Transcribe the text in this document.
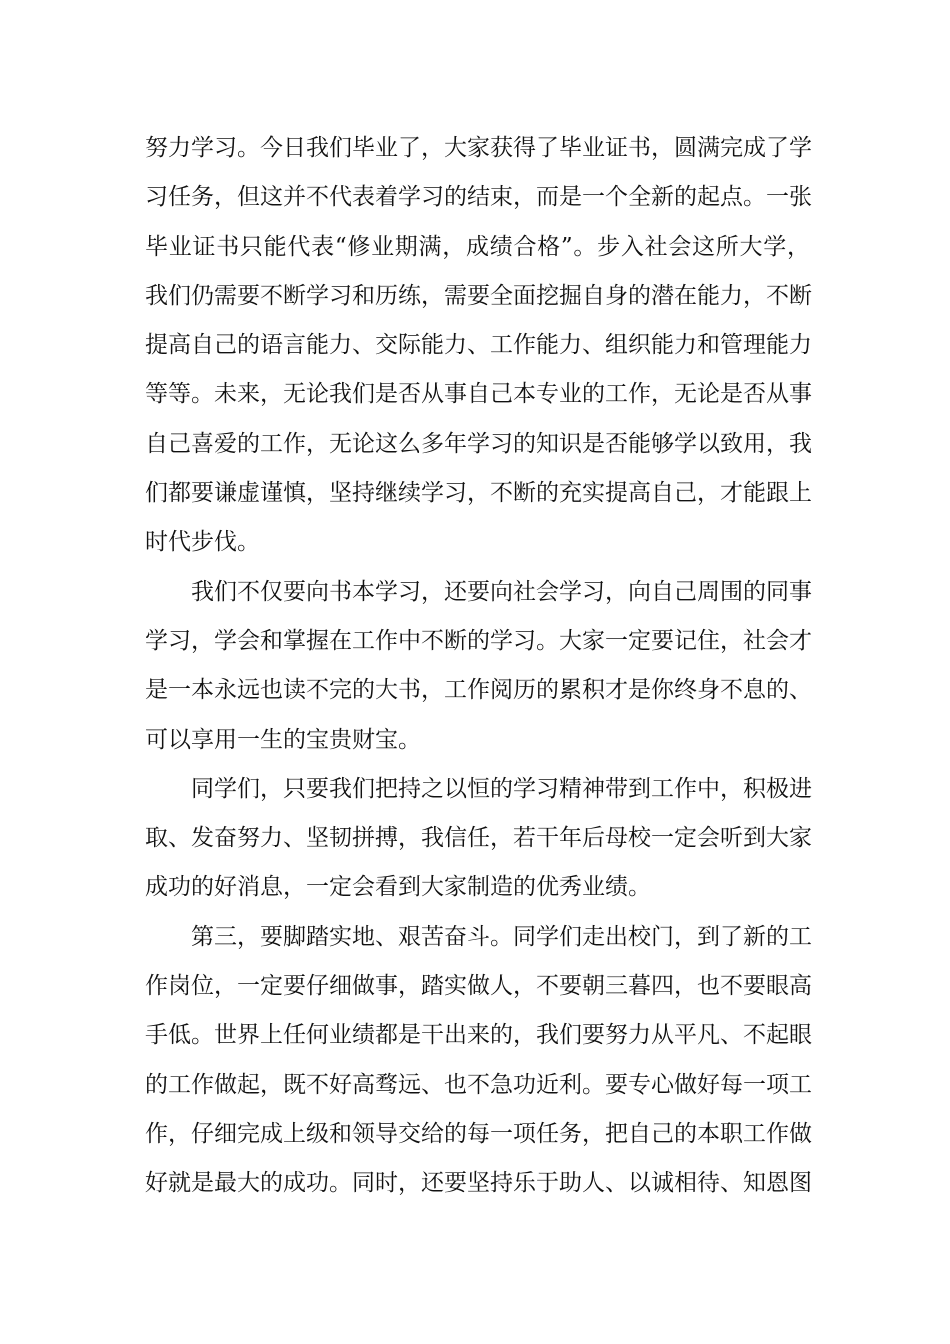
努力学习。今日我们毕业了，大家获得了毕业证书，圆满完成了学
习任务，但这并不代表着学习的结束，而是一个全新的起点。一张
毕业证书只能代表“修业期满，成绩合格”。步入社会这所大学，
我们仍需要不断学习和历练，需要全面挖掘自身的潜在能力，不断
提高自己的语言能力、交际能力、工作能力、组织能力和管理能力
等等。未来，无论我们是否从事自己本专业的工作，无论是否从事
自己喜爱的工作，无论这么多年学习的知识是否能够学以致用，我
们都要谦虚谨慎，坚持继续学习，不断的充实提高自己，才能跟上
时代步伐。
我们不仅要向书本学习，还要向社会学习，向自己周围的同事
学习，学会和掌握在工作中不断的学习。大家一定要记住，社会才
是一本永远也读不完的大书，工作阅历的累积才是你终身不息的、
可以享用一生的宝贵财宝。
同学们，只要我们把持之以恒的学习精神带到工作中，积极进
取、发奋努力、坚韧拼搏，我信任，若干年后母校一定会听到大家
成功的好消息，一定会看到大家制造的优秀业绩。
第三，要脚踏实地、艰苦奋斗。同学们走出校门，到了新的工
作岗位，一定要仔细做事，踏实做人，不要朝三暮四，也不要眼高
手低。世界上任何业绩都是干出来的，我们要努力从平凡、不起眼
的工作做起，既不好高骛远、也不急功近利。要专心做好每一项工
作，仔细完成上级和领导交给的每一项任务，把自己的本职工作做
好就是最大的成功。同时，还要坚持乐于助人、以诚相待、知恩图
